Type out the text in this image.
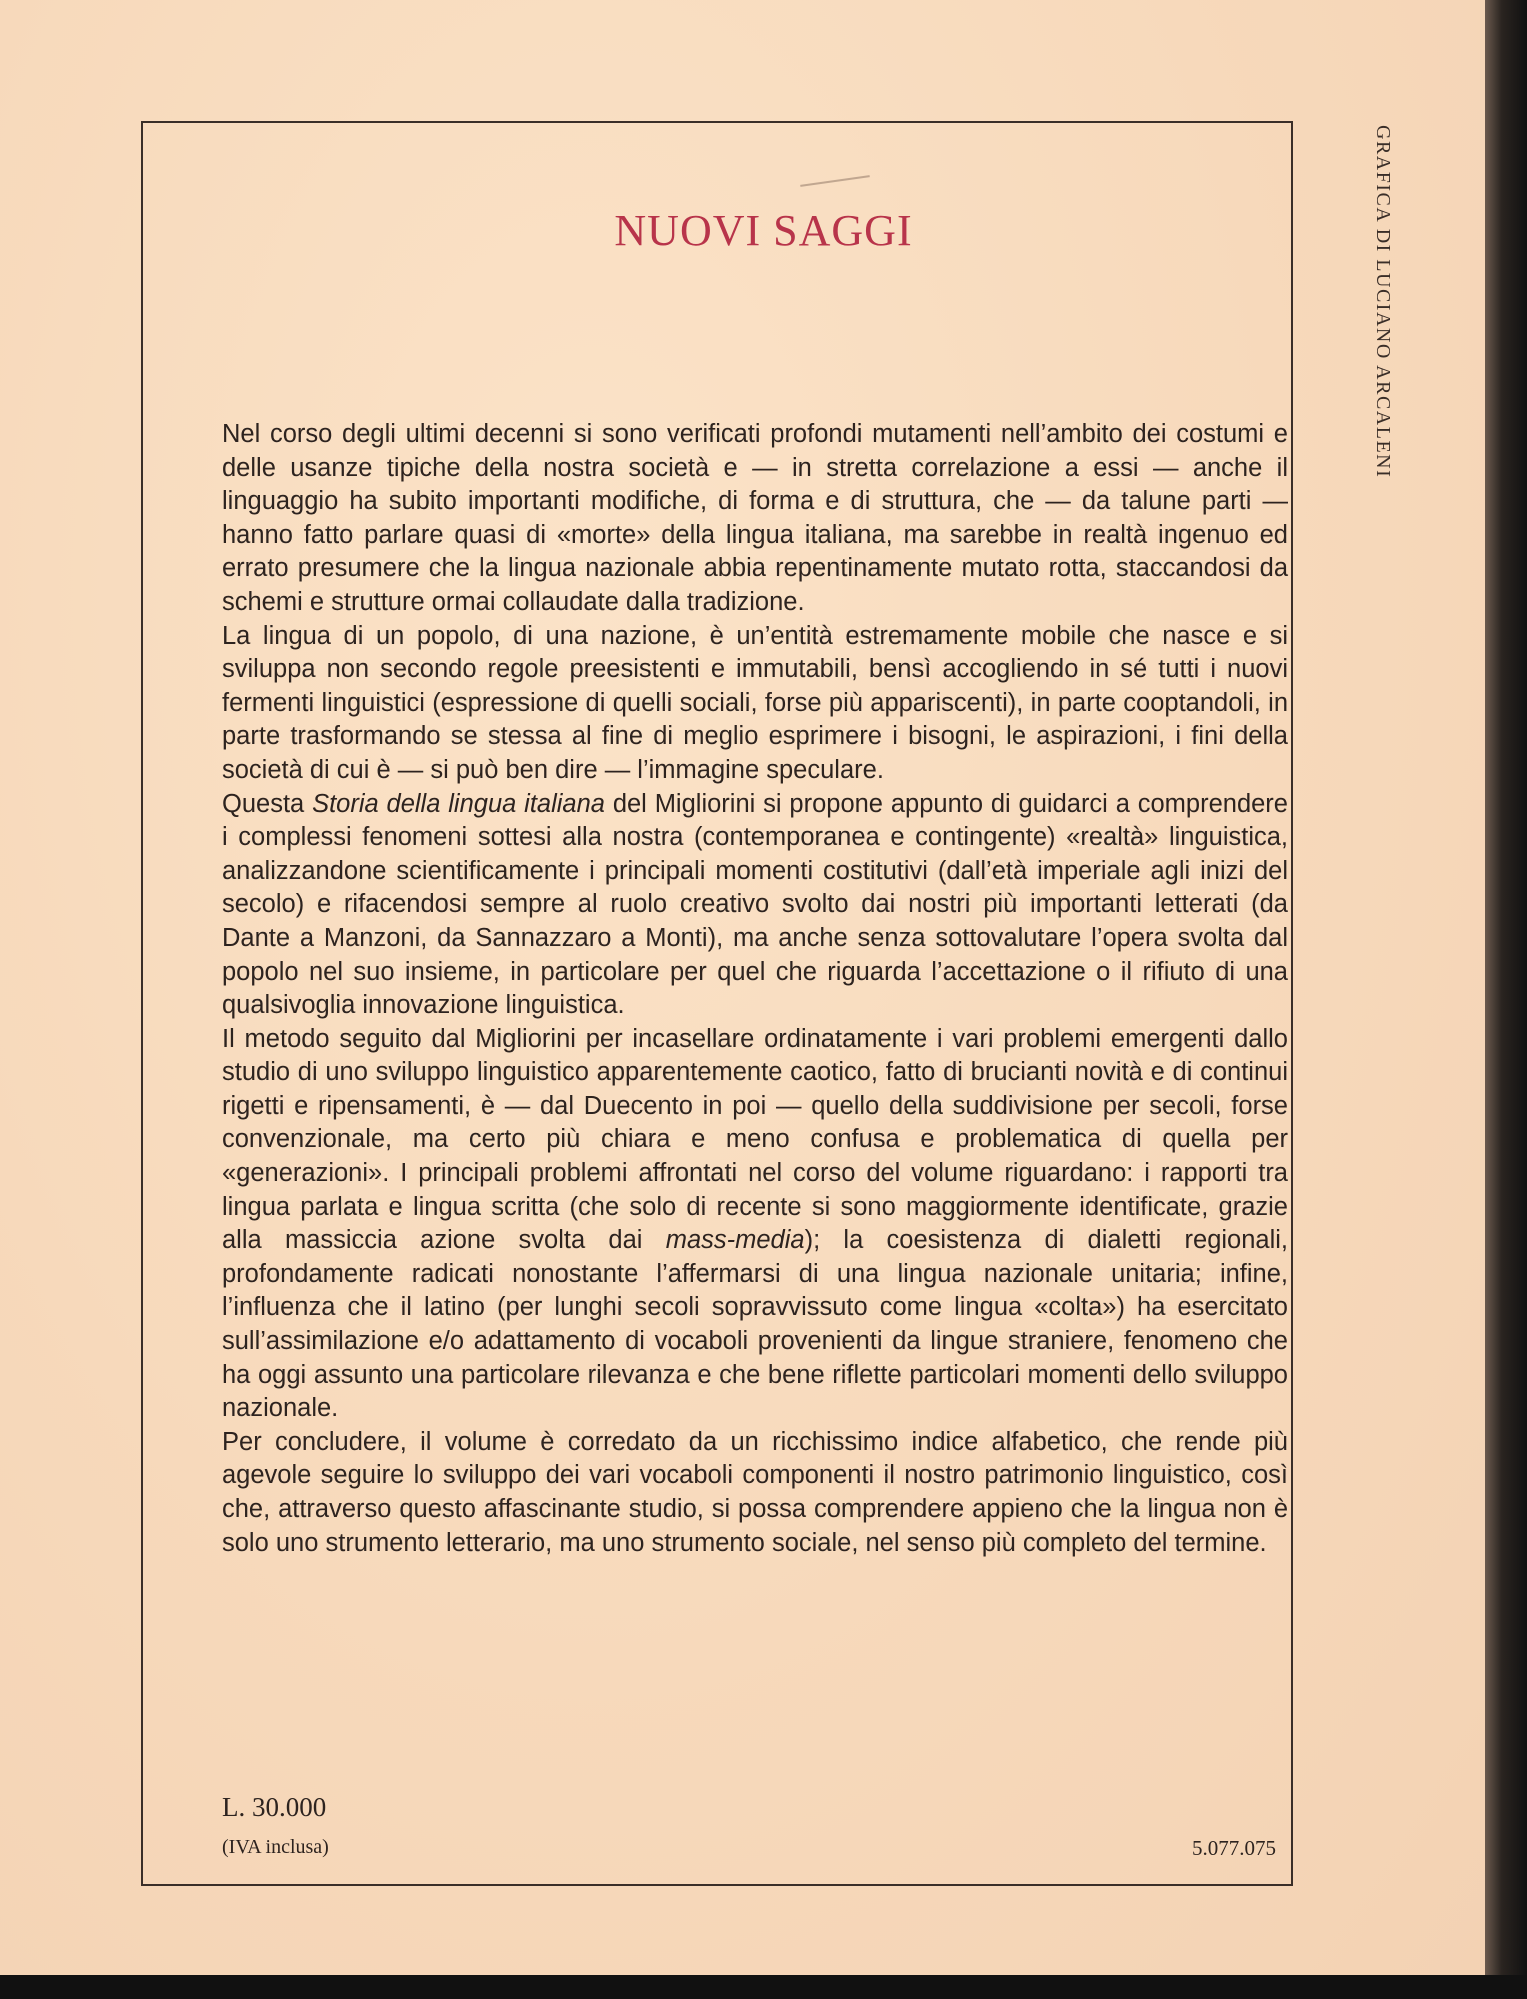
NUOVI SAGGI	GRAFICA DI LUCIANO ARCALENI

Nel corso degli ultimi decenni si sono verificati profondi mutamenti nell’ambito dei costumi e delle usanze tipiche della nostra società e — in stretta correlazione a essi — anche il linguaggio ha subito importanti modifiche, di forma e di struttura, che — da talune parti — hanno fatto parlare quasi di «morte» della lingua italiana, ma sarebbe in realtà ingenuo ed errato presumere che la lingua nazionale abbia repentinamente mutato rotta, staccandosi da schemi e strutture ormai collaudate dalla tradizione.

La lingua di un popolo, di una nazione, è un’entità estremamente mobile che nasce e si sviluppa non secondo regole preesistenti e immutabili, bensì accogliendo in sé tutti i nuovi fermenti linguistici (espressione di quelli sociali, forse più appariscenti), in parte cooptandoli, in parte trasformando se stessa al fine di meglio esprimere i bisogni, le aspirazioni, i fini della società di cui è — si può ben dire — l’immagine speculare.

Questa Storia della lingua italiana del Migliorini si propone appunto di guidarci a comprendere i complessi fenomeni sottesi alla nostra (contemporanea e contingente) «realtà» linguistica, analizzandone scientificamente i principali momenti costitutivi (dall’età imperiale agli inizi del secolo) e rifacendosi sempre al ruolo creativo svolto dai nostri più importanti letterati (da Dante a Manzoni, da Sannazzaro a Monti), ma anche senza sottovalutare l’opera svolta dal popolo nel suo insieme, in particolare per quel che riguarda l’accettazione o il rifiuto di una qualsivoglia innovazione linguistica.

Il metodo seguito dal Migliorini per incasellare ordinatamente i vari problemi emergenti dallo studio di uno sviluppo linguistico apparentemente caotico, fatto di brucianti novità e di continui rigetti e ripensamenti, è — dal Duecento in poi — quello della suddivisione per secoli, forse convenzionale, ma certo più chiara e meno confusa e problematica di quella per «generazioni». I principali problemi affrontati nel corso del volume riguardano: i rapporti tra lingua parlata e lingua scritta (che solo di recente si sono maggiormente identificate, grazie alla massiccia azione svolta dai mass-media); la coesistenza di dialetti regionali, profondamente radicati nonostante l’affermarsi di una lingua nazionale unitaria; infine, l’influenza che il latino (per lunghi secoli sopravvissuto come lingua «colta») ha esercitato sull’assimilazione e/o adattamento di vocaboli provenienti da lingue straniere, fenomeno che ha oggi assunto una particolare rilevanza e che bene riflette particolari momenti dello sviluppo nazionale.

Per concludere, il volume è corredato da un ricchissimo indice alfabetico, che rende più agevole seguire lo sviluppo dei vari vocaboli componenti il nostro patrimonio linguistico, così che, attraverso questo affascinante studio, si possa comprendere appieno che la lingua non è solo uno strumento letterario, ma uno strumento sociale, nel senso più completo del termine.

L. 30.000
(IVA inclusa)	5.077.075
